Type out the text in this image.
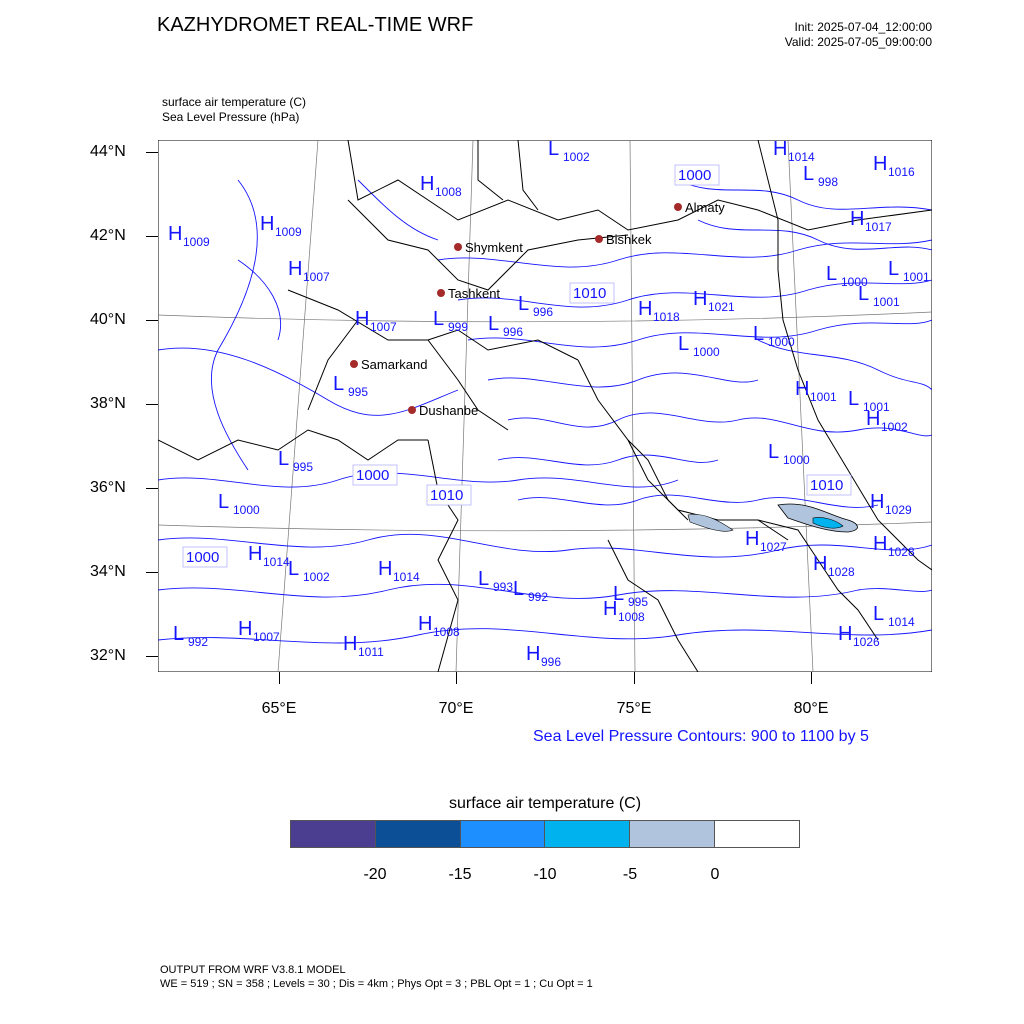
KAZHYDROMET REAL-TIME WRF	Init: 2025-07-04_12:00:00
Valid: 2025-07-05_09:00:00
surface air temperature (C)
Sea Level Pressure (hPa)
H 1009
H 1009
H 1008
H 1007
L 1002	H 1014	H 1016
L 998
H 1017
L 1001
L 1000
H 1007 L 999 L 996
L 996	H 1018
H 1021
L 1000
L 1000
L 995
L 995
H 1001 L 1001
H 1002
L 1000
H 1029
H 1028
L 1000
H 1014
L 1002 H 1014	L 993 L 992	L 995
H 1008
H 1027
H 1028
L 992
H 1007	H 1011
H 1008
H 996
H 1026
L 1014
L 1001
1000
1010
1000
1010
1000
1010
Shymkent
Tashkent
Samarkand
Dushanbe
Bishkek
Almaty
44°N
42°N
40°N
38°N
36°N
34°N
32°N
65°E	70°E	75°E	80°E
Sea Level Pressure Contours: 900 to 1100 by 5
surface air temperature (C)
-20	-15	-10	-5	0
OUTPUT FROM WRF V3.8.1 MODEL
WE = 519 ; SN = 358 ; Levels = 30 ; Dis = 4km ; Phys Opt = 3 ; PBL Opt = 1 ; Cu Opt = 1
